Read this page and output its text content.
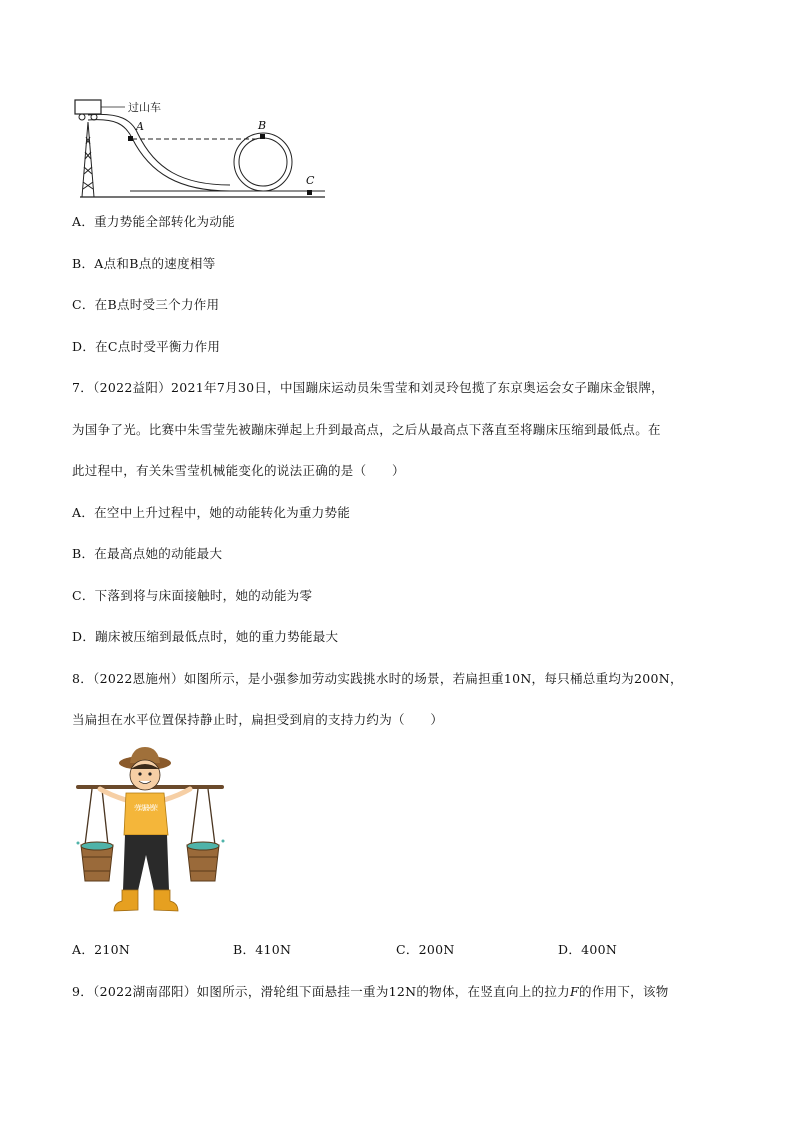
过山车
A	B
C
A．重力势能全部转化为动能
B．A点和B点的速度相等
C．在B点时受三个力作用
D．在C点时受平衡力作用
7．（2022益阳）2021年7月30日，中国蹦床运动员朱雪莹和刘灵玲包揽了东京奥运会女子蹦床金银牌，
为国争了光。比赛中朱雪莹先被蹦床弹起上升到最高点，之后从最高点下落直至将蹦床压缩到最低点。在
此过程中，有关朱雪莹机械能变化的说法正确的是（　　）
A．在空中上升过程中，她的动能转化为重力势能
B．在最高点她的动能最大
C．下落到将与床面接触时，她的动能为零
D．蹦床被压缩到最低点时，她的重力势能最大
8．（2022恩施州）如图所示，是小强参加劳动实践挑水时的场景，若扁担重10N，每只桶总重均为200N，
当扁担在水平位置保持静止时，扁担受到肩的支持力约为（　　）
劳动最光荣
A．210N	B．410N	C．200N	D．400N
9．（2022湖南邵阳）如图所示，滑轮组下面悬挂一重为12N的物体，在竖直向上的拉力F的作用下，该物
